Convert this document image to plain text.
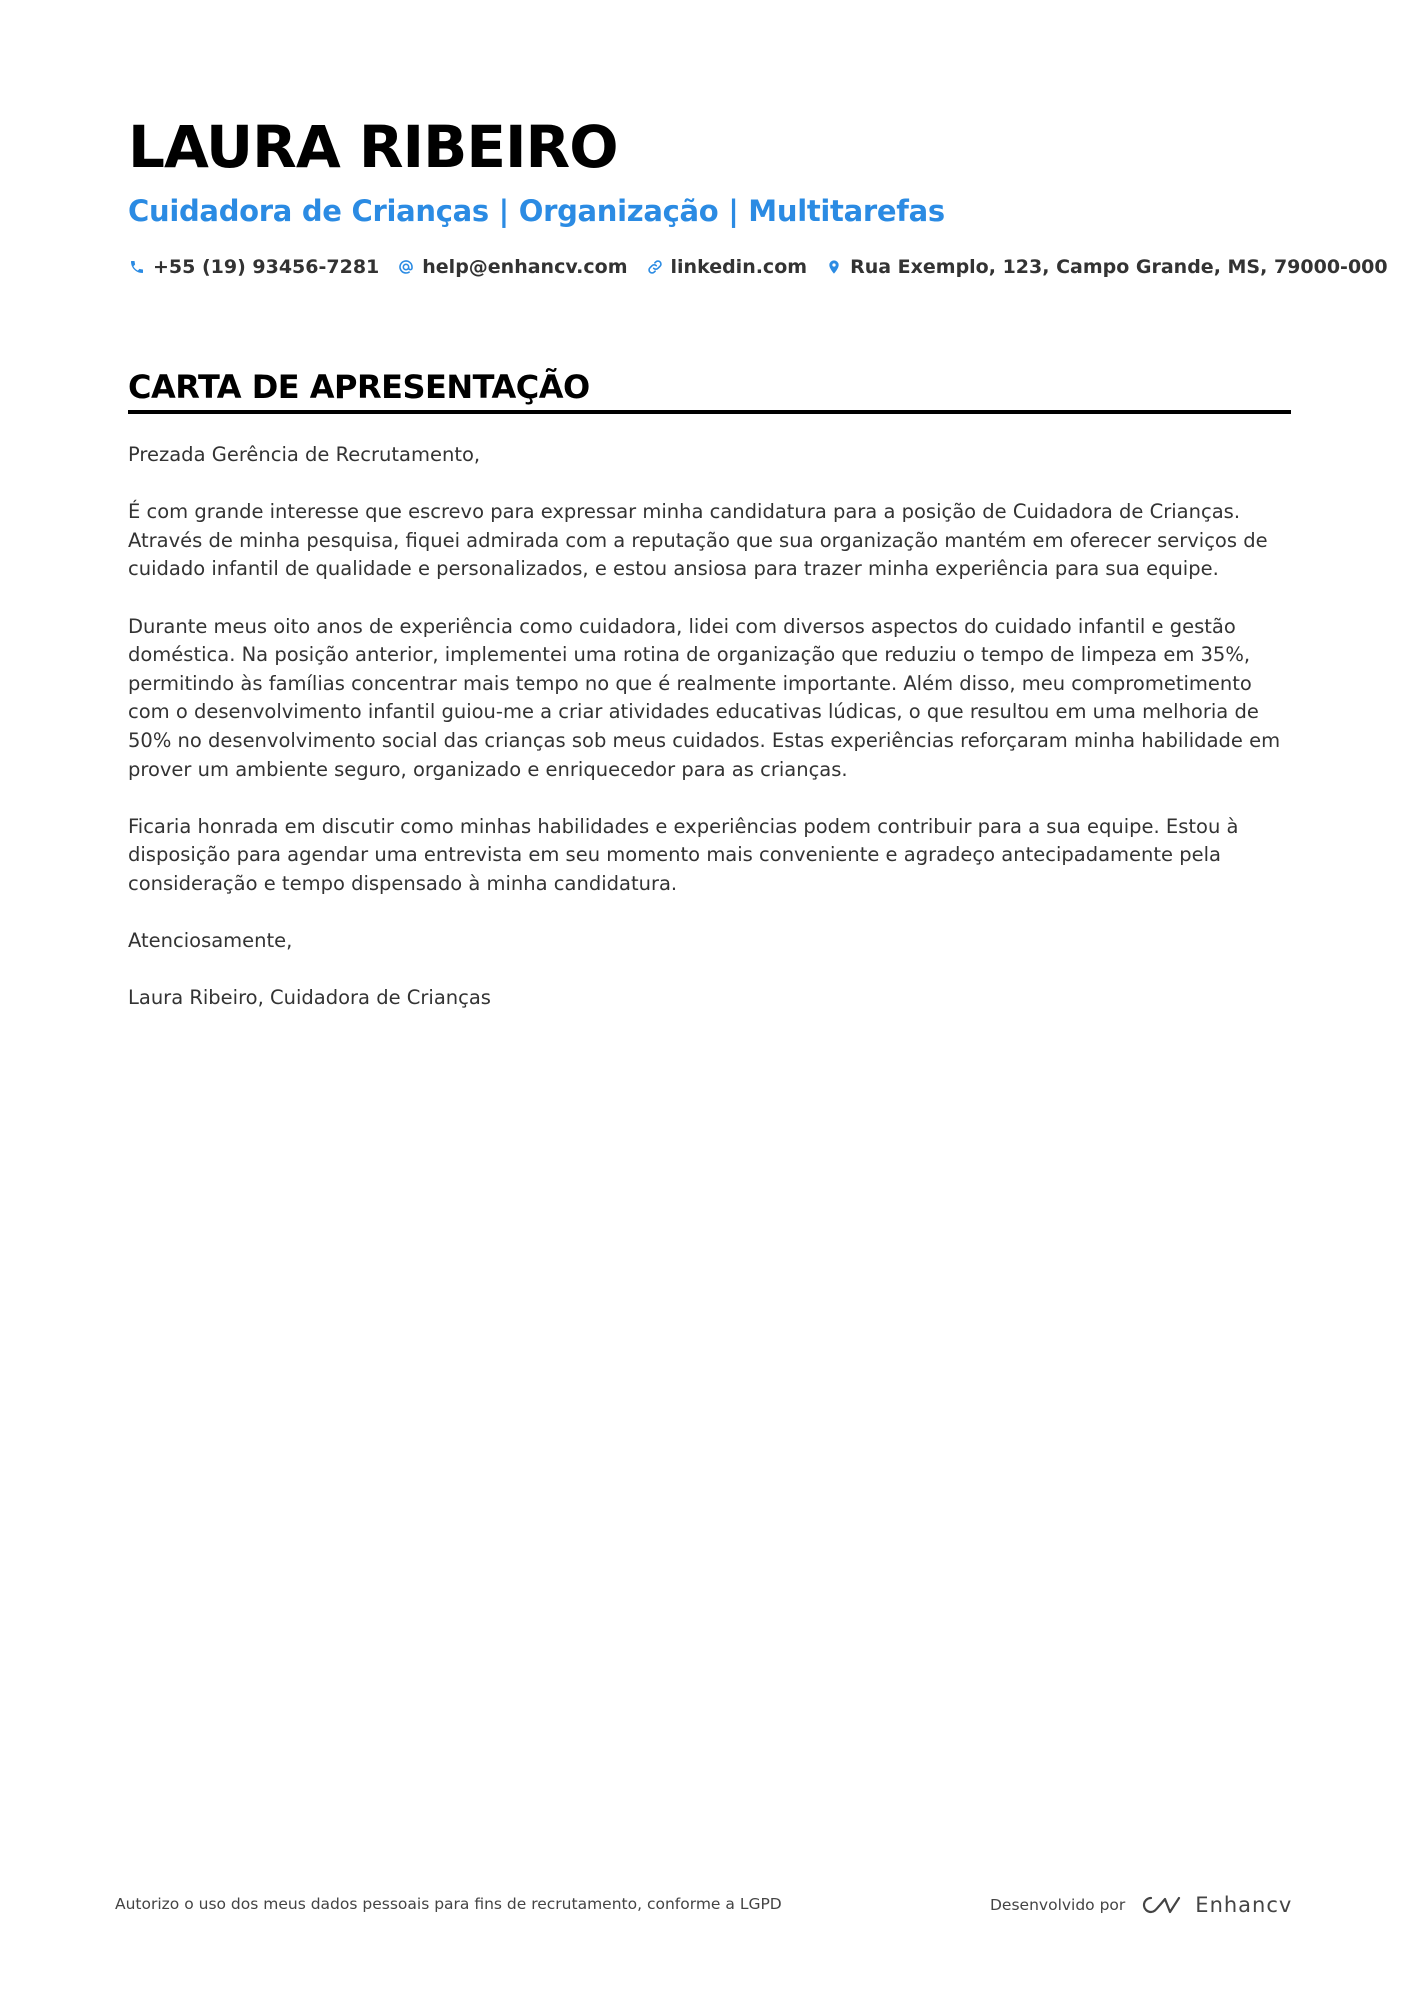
LAURA RIBEIRO
Cuidadora de Crianças | Organização | Multitarefas
+55 (19) 93456-7281 help@enhancv.com linkedin.com Rua Exemplo, 123, Campo Grande, MS, 79000-000
CARTA DE APRESENTAÇÃO

Prezada Gerência de Recrutamento,

É com grande interesse que escrevo para expressar minha candidatura para a posição de Cuidadora de Crianças. Através de minha pesquisa, fiquei admirada com a reputação que sua organização mantém em oferecer serviços de cuidado infantil de qualidade e personalizados, e estou ansiosa para trazer minha experiência para sua equipe.

Durante meus oito anos de experiência como cuidadora, lidei com diversos aspectos do cuidado infantil e gestão doméstica. Na posição anterior, implementei uma rotina de organização que reduziu o tempo de limpeza em 35%, permitindo às famílias concentrar mais tempo no que é realmente importante. Além disso, meu comprometimento com o desenvolvimento infantil guiou-me a criar atividades educativas lúdicas, o que resultou em uma melhoria de 50% no desenvolvimento social das crianças sob meus cuidados. Estas experiências reforçaram minha habilidade em prover um ambiente seguro, organizado e enriquecedor para as crianças.

Ficaria honrada em discutir como minhas habilidades e experiências podem contribuir para a sua equipe. Estou à disposição para agendar uma entrevista em seu momento mais conveniente e agradeço antecipadamente pela consideração e tempo dispensado à minha candidatura.

Atenciosamente,

Laura Ribeiro, Cuidadora de Crianças

Autorizo o uso dos meus dados pessoais para fins de recrutamento, conforme a LGPD	Desenvolvido por	Enhancv
